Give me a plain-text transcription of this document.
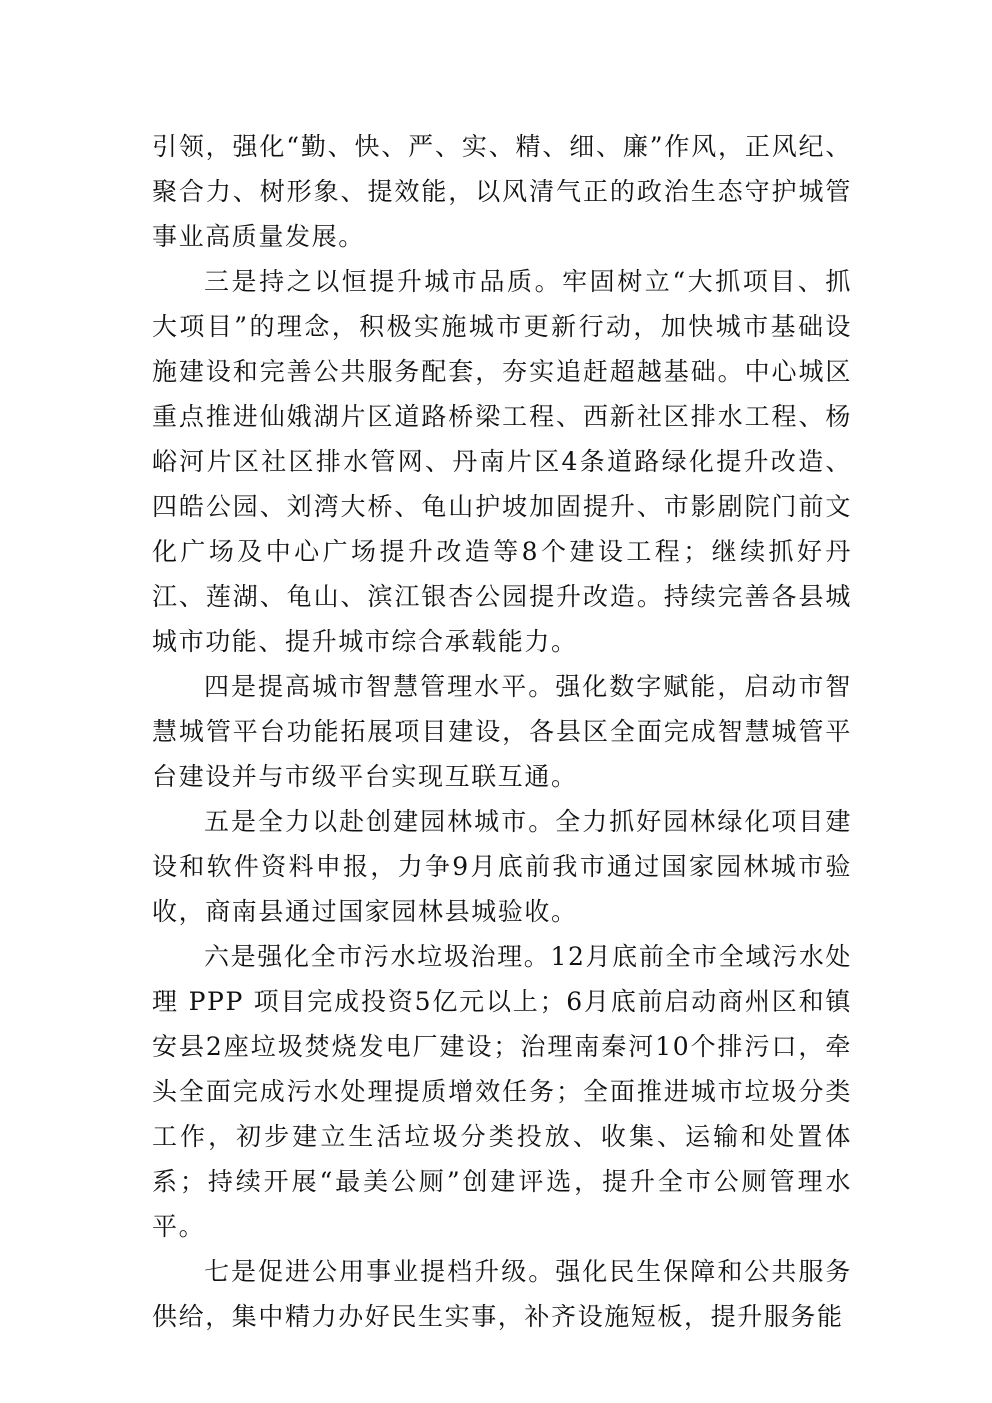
引领，强化“勤、快、严、实、精、细、廉”作风，正风纪、聚合力、树形象、提效能，以风清气正的政治生态守护城管事业高质量发展。

三是持之以恒提升城市品质。牢固树立“大抓项目、抓大项目”的理念，积极实施城市更新行动，加快城市基础设施建设和完善公共服务配套，夯实追赶超越基础。中心城区重点推进仙娥湖片区道路桥梁工程、西新社区排水工程、杨峪河片区社区排水管网、丹南片区4条道路绿化提升改造、四皓公园、刘湾大桥、龟山护坡加固提升、市影剧院门前文化广场及中心广场提升改造等8个建设工程；继续抓好丹江、莲湖、龟山、滨江银杏公园提升改造。持续完善各县城城市功能、提升城市综合承载能力。

四是提高城市智慧管理水平。强化数字赋能，启动市智慧城管平台功能拓展项目建设，各县区全面完成智慧城管平台建设并与市级平台实现互联互通。

五是全力以赴创建园林城市。全力抓好园林绿化项目建设和软件资料申报，力争9月底前我市通过国家园林城市验收，商南县通过国家园林县城验收。

六是强化全市污水垃圾治理。12月底前全市全域污水处理 PPP 项目完成投资5亿元以上；6月底前启动商州区和镇安县2座垃圾焚烧发电厂建设；治理南秦河10个排污口，牵头全面完成污水处理提质增效任务；全面推进城市垃圾分类工作，初步建立生活垃圾分类投放、收集、运输和处置体系；持续开展“最美公厕”创建评选，提升全市公厕管理水平。

七是促进公用事业提档升级。强化民生保障和公共服务供给，集中精力办好民生实事，补齐设施短板，提升服务能
